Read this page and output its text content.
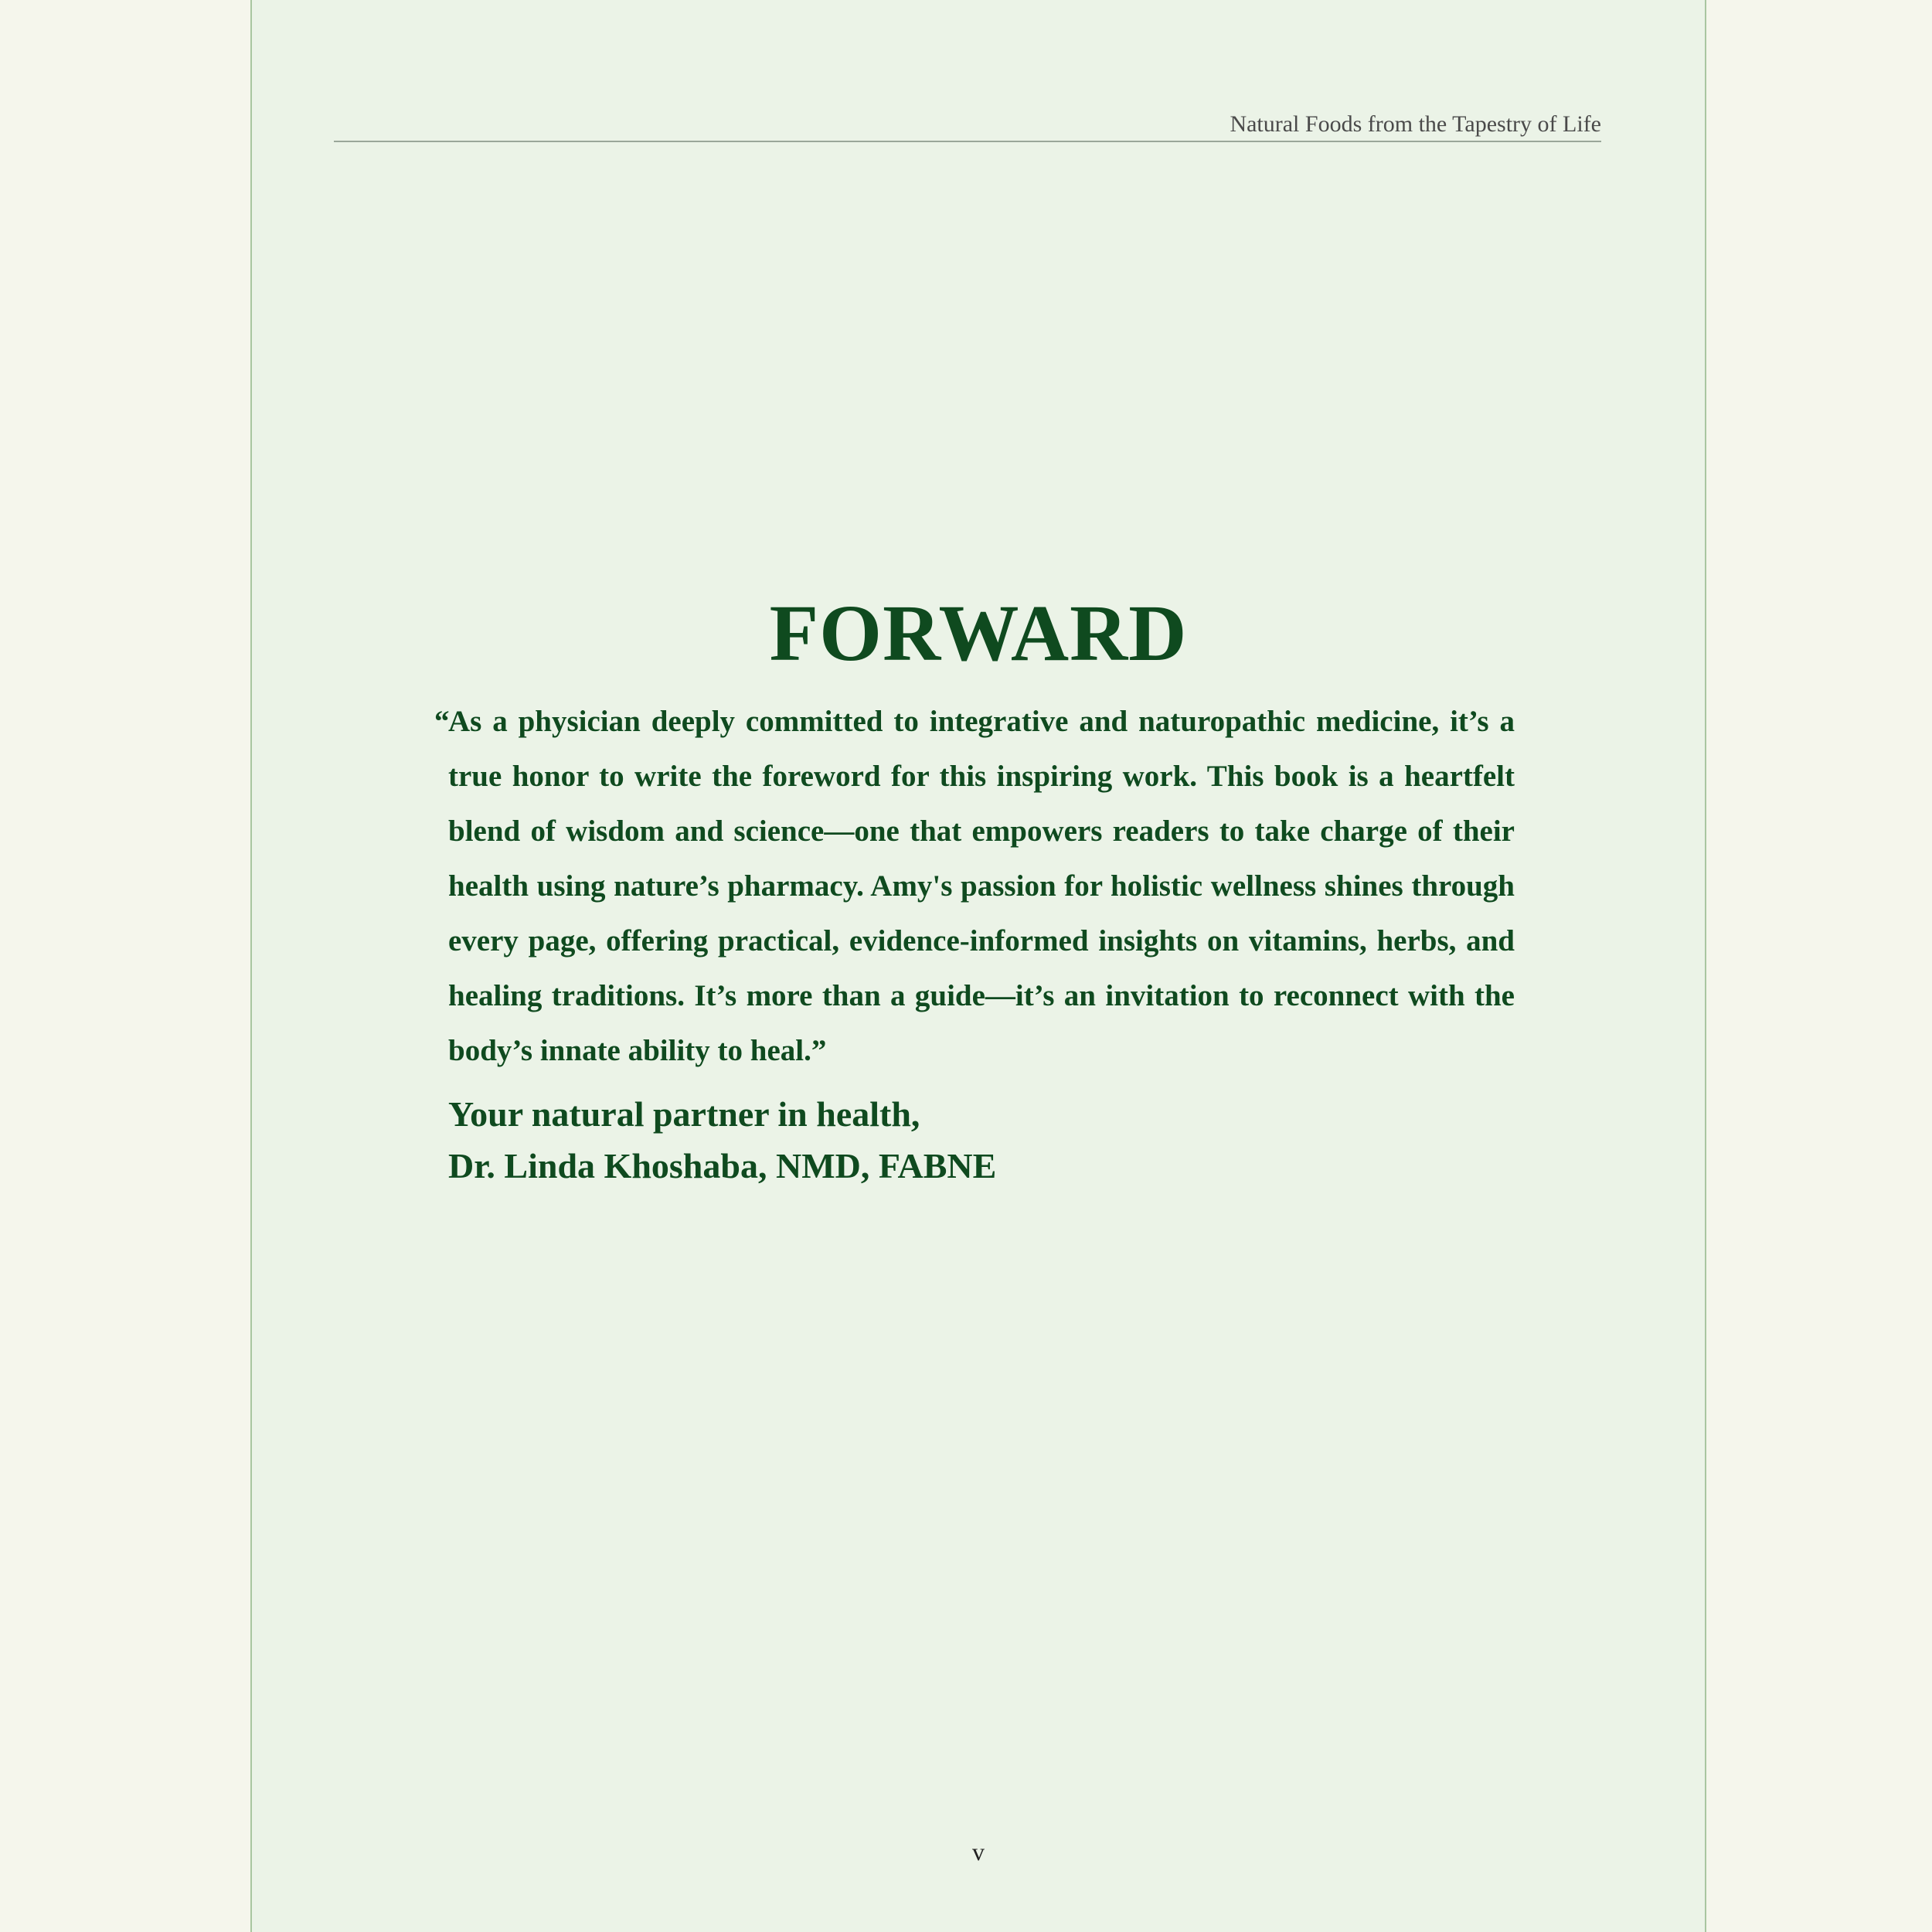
Natural Foods from the Tapestry of Life
FORWARD

“
As a physician deeply committed to integrative and naturopathic medicine, it’s a true honor to write the foreword for this inspiring work. This book is a heartfelt blend of wisdom and science—one that empowers readers to take charge of their health using nature’s pharmacy. Amy's passion for holistic wellness shines through every page, offering practical, evidence-informed insights on vitamins, herbs, and healing traditions. It’s more than a guide—it’s an invitation to reconnect with the body’s innate ability to heal.”

Your natural partner in health,
Dr. Linda Khoshaba, NMD, FABNE
v
